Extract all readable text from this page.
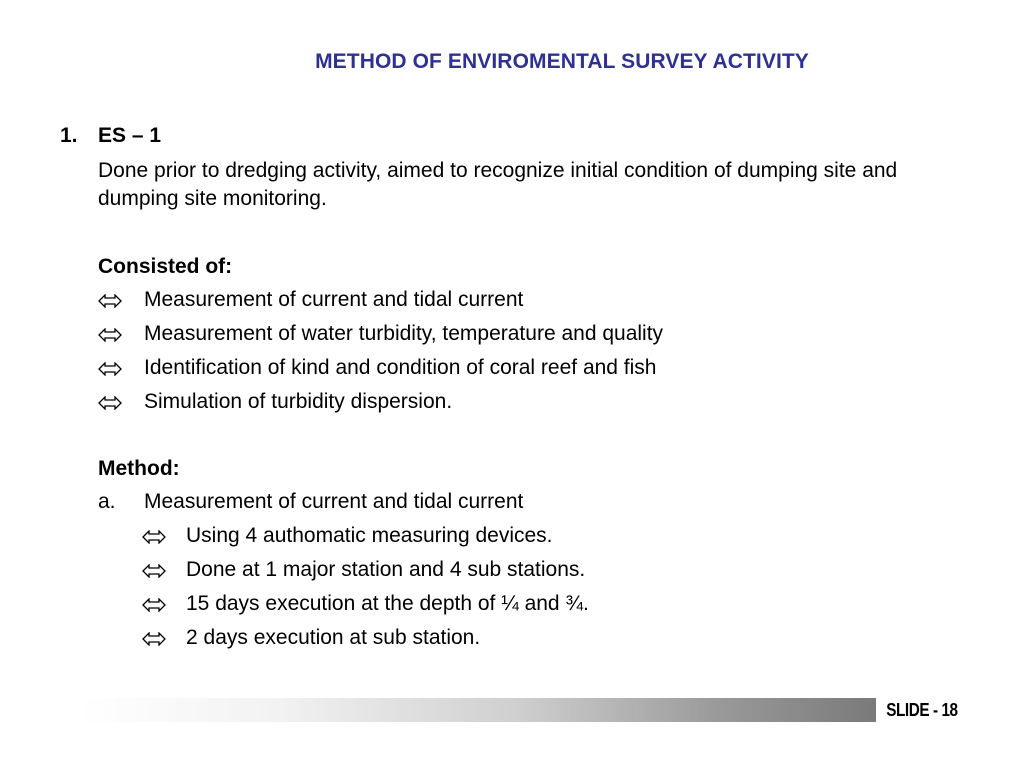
METHOD OF ENVIROMENTAL SURVEY ACTIVITY
1. ES – 1
Done prior to dredging activity, aimed to recognize initial condition of dumping site and dumping site monitoring.
Consisted of:
Measurement of current and tidal current
Measurement of water turbidity, temperature and quality
Identification of kind and condition of coral reef and fish
Simulation of turbidity dispersion.
Method:
a. Measurement of current and tidal current
Using 4 authomatic measuring devices.
Done at 1 major station and 4 sub stations.
15 days execution at the depth of ¼ and ¾.
2 days execution at sub station.
SLIDE - 18
